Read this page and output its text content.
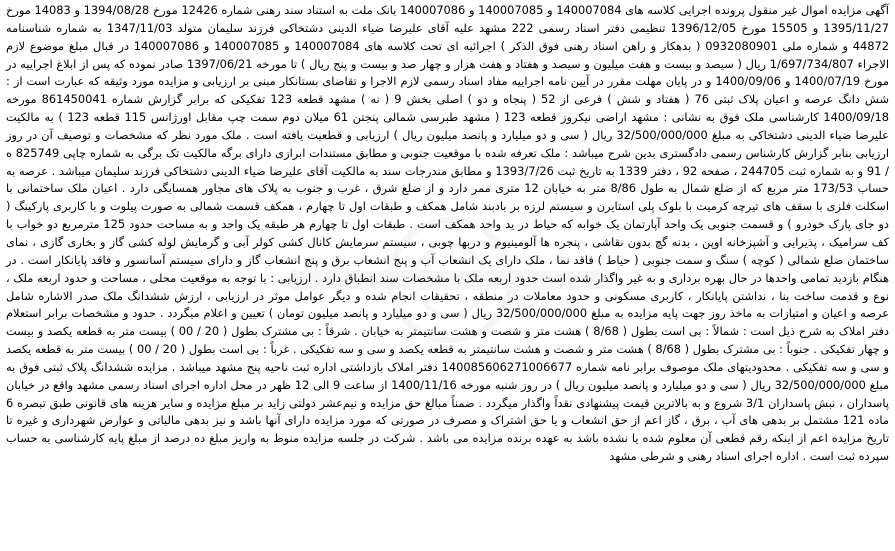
آگهی مزایده اموال غیر منقول پرونده اجرایی کلاسه های 140007084 و 140007085 و 140007086 بانک ملت به استناد سند رهنی شماره 12426 مورخ 1394/08/28 و 14083 مورخ 1395/11/27 و 15505 مورخ 1396/12/05 تنظیمی دفتر اسناد رسمی 222 مشهد علیه آقای علیرضا ضیاء الدینی دشتخاکی فرزند سلیمان متولد 1347/11/03 به شماره شناسنامه 44872 و شماره ملی 0932080901 ( بدهکار و راهن اسناد رهنی فوق الذکر ) اجرائیه ای تحت کلاسه های 140007084 و 140007085 و 140007086 در قبال مبلغ موضوع لازم الاجراء 1/697/734/807 ریال ( سیصد و بیست و هفت میلیون و سیصد و هفتاد و هفت هزار و چهار صد و بیست و پنج ریال ) تا مورخه 1397/06/21 صادر نموده که پس از ابلاغ اجراییه در مورخ 1400/07/19 و 1400/09/06 و در پایان مهلت مقرر در آیین نامه اجراییه مفاد اسناد رسمی لازم الاجرا و تقاضای بستانکار مبنی بر ارزیابی و مزایده مورد وثیقه که عبارت است از : شش دانگ عرصه و اعیان پلاک ثبتی 76 ( هفتاد و شش ) فرعی از 52 ( پنجاه و دو ) اصلی بخش 9 ( نه ) مشهد قطعه 123 تفکیکی که برابر گزارش شماره 861450041 مورخه 1400/09/18 کارشناسی ملک فوق به نشانی : مشهد اراضی نیکروز قطعه 123 ( مشهد طبرسی شمالی پنجتن 61 میلان دوم سمت چپ مقابل اورژانس 115 قطعه 123 ) به مالکیت علیرضا ضیاء الدینی دشتخاکی به مبلغ 32/500/000/000 ریال ( سی و دو میلیارد و پانصد میلیون ریال ) ارزیابی و قطعیت یافته است . ملک مورد نظر که مشخصات و توصیف آن در روز ارزیابی بنابر گزارش کارشناس رسمی دادگستری بدین شرح میباشد : ملک تعرفه شده با موقعیت جنوبی و مطابق مستندات ابرازی دارای برگه مالکیت تک برگی به شماره چاپی 825749 ه / 91 و به شماره ثبت 244705 ، صفحه 92 ، دفتر 1339 به تاریخ ثبت 1393/7/26 و مطابق مندرجات سند به مالکیت آقای علیرضا ضیاء الدینی دشتخاکی فرزند سلیمان میباشد . عرصه به حساب 173/53 متر مربع که از ضلع شمال به طول 8/86 متر به خیابان 12 متری ممر دارد و از ضلع شرق ، غرب و جنوب به پلاک های مجاور همسایگی دارد . اعیان ملک ساختمانی با اسکلت فلزی با سقف های تیرچه کرمیت با بلوک پلی استایرن و سیستم لرزه بر بادبند شامل همکف و طبقات اول تا چهارم ، همکف قسمت شمالی به صورت پیلوت و با کاربری پارکینگ ( دو جای پارک خودرو ) و قسمت جنوبی یک واحد آپارتمان یک خوابه که حیاط در ید واحد همکف است . طبقات اول تا چهارم هر طبقه یک واحد و به مساحت حدود 125 مترمربع دو خواب با کف سرامیک ، پذیرایی و آشپزخانه اوپن ، بدنه گچ بدون نقاشی ، پنجره ها آلومینیوم و دربها چوبی ، سیستم سرمایش کانال کشی کولر آبی و گرمایش لوله کشی گاز و بخاری گازی ، نمای ساختمان ضلع شمالی ( کوچه ) سنگ و سمت جنوبی ( حیاط ) فاقد نما ، ملک دارای یک انشعاب آب و پنج انشعاب برق و پنج انشعاب گاز و دارای سیستم آسانسور و فاقد پایانکار است . در هنگام بازدید تمامی واحدها در حال بهره برداری و به غیر واگذار شده است حدود اربعه ملک با مشخصات سند انطباق دارد . ارزیابی : با توجه به موقعیت محلی ، مساحت و حدود اربعه ملک ، نوع و قدمت ساخت بنا ، نداشتن پایانکار ، کاربری مسکونی و حدود معاملات در منطقه ، تحقیقات انجام شده و دیگر عوامل موثر در ارزیابی ، ارزش ششدانگ ملک صدر الاشاره شامل عرصه و اعیان و امتیازات به ماخذ روز جهت پایه مزایده به مبلغ 32/500/000/000 ریال ( سی و دو میلیارد و پانصد میلیون تومان ) تعیین و اعلام میگردد . حدود و مشخصات برابر استعلام دفتر املاک به شرح ذیل است : شمالاً : بی است بطول ( 8/68 ) هشت متر و شصت و هشت سانتیمتر به خیابان . شرقاً : بی مشترک بطول ( 20 / 00 ) بیست متر به قطعه یکصد و بیست و چهار تفکیکی . جنوباً : بی مشترک بطول ( 8/68 ) هشت متر و شصت و هشت سانتیمتر به قطعه یکصد و سی و سه تفکیکی . غرباً : بی است بطول ( 20 / 00 ) بیست متر به قطعه یکصد و سی و سه تفکیکی . محدودیتهای ملک موصوف برابر نامه شماره 140085606271006677 دفتر املاک بازداشتی اداره ثبت ناحیه پنج مشهد میباشد . مزایده ششدانگ پلاک ثبتی فوق به مبلغ 32/500/000/000 ریال ( سی و دو میلیارد و پانصد میلیون ریال ) در روز شنبه مورخه 1400/11/16 از ساعت 9 الی 12 ظهر در محل اداره اجرای اسناد رسمی مشهد واقع در خیابان پاسداران ، نبش پاسداران 3/1 شروع و به بالاترین قیمت پیشنهادی نقداً واگذار میگردد . ضمناً مبالغ حق مزایده و نیم‌عشر دولتی زاید بر مبلغ مزایده و سایر هزینه های قانونی طبق تبصره 6 ماده 121 مشتمل بر بدهی های آب ، برق ، گاز اعم از حق انشعاب و یا حق اشتراک و مصرف در صورتی که مورد مزایده دارای آنها باشد و نیز بدهی مالیاتی و عوارض شهرداری و غیره تا تاریخ مزایده اعم از اینکه رقم قطعی آن معلوم شده یا نشده باشد به عهده برنده مزایده می باشد . شرکت در جلسه مزایده منوط به واریز مبلغ ده درصد از مبلغ پایه کارشناسی به حساب سپرده ثبت است . اداره اجرای اسناد رهنی و شرطی مشهد
